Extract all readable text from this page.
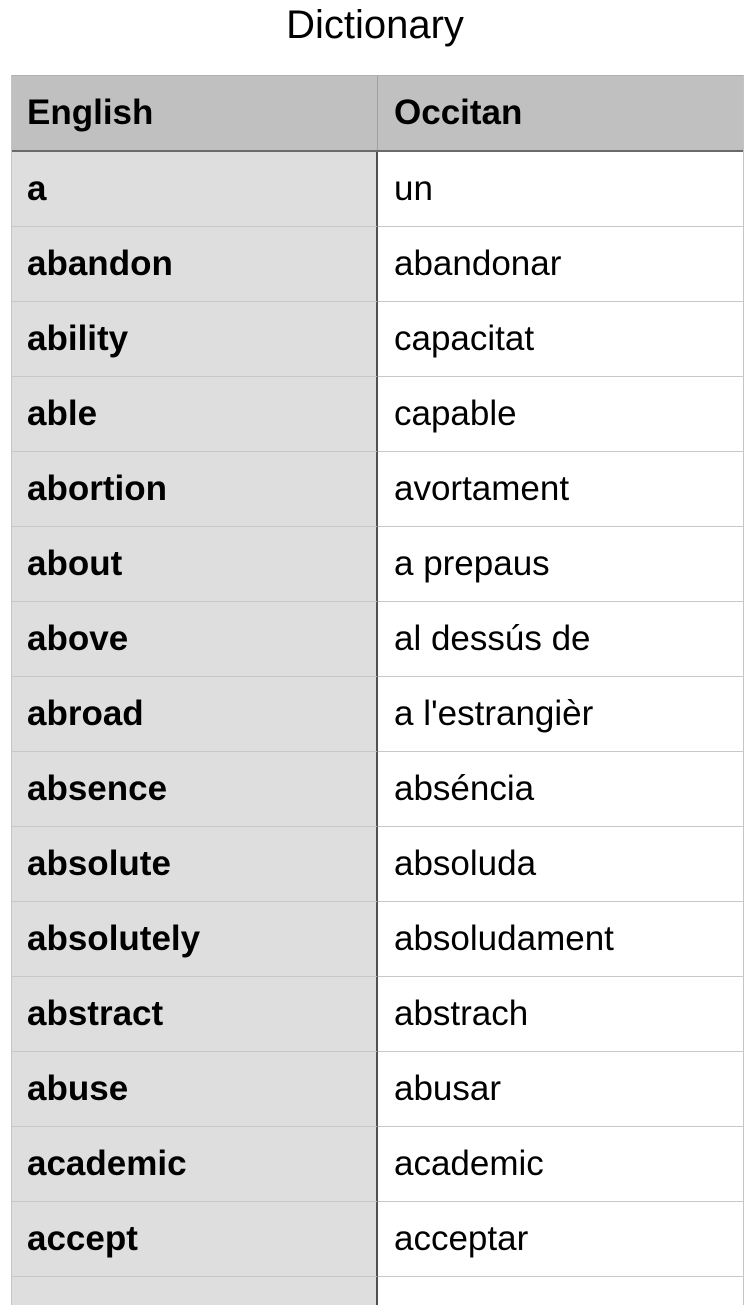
Dictionary
English	Occitan
a	un
abandon	abandonar
ability	capacitat
able	capable
abortion	avortament
about	a prepaus
above	al dessús de
abroad	a l'estrangièr
absence	abséncia
absolute	absoluda
absolutely	absoludament
abstract	abstrach
abuse	abusar
academic	academic
accept	acceptar
